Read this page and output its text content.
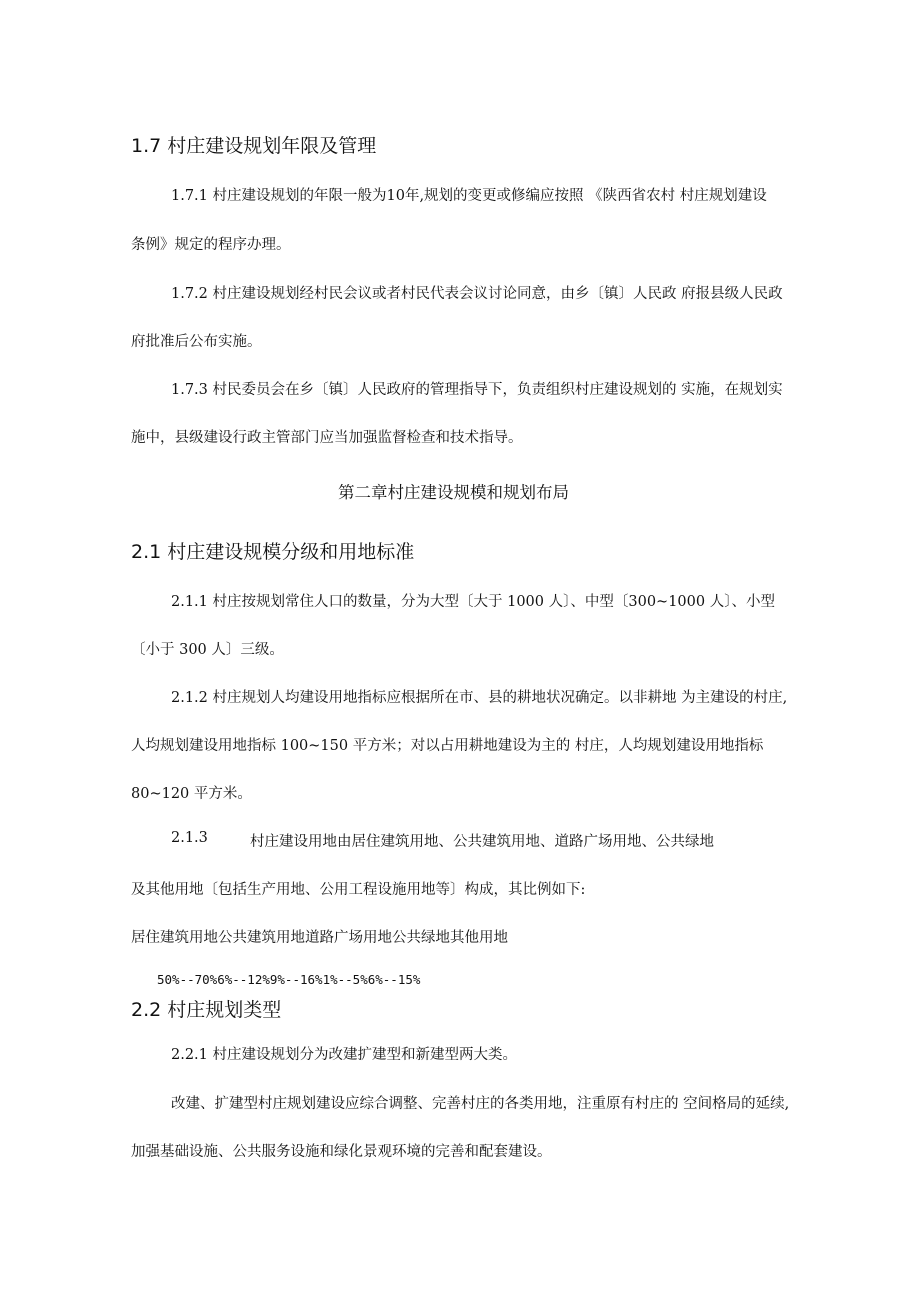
1.7 村庄建设规划年限及管理
1.7.1 村庄建设规划的年限一般为10年,规划的变更或修编应按照 《陕西省农村 村庄规划建设
条例》规定的程序办理。
1.7.2 村庄建设规划经村民会议或者村民代表会议讨论同意，由乡〔镇〕人民政 府报县级人民政
府批准后公布实施。
1.7.3 村民委员会在乡〔镇〕人民政府的管理指导下，负责组织村庄建设规划的 实施，在规划实
施中，县级建设行政主管部门应当加强监督检查和技术指导。
第二章村庄建设规模和规划布局
2.1 村庄建设规模分级和用地标准
2.1.1 村庄按规划常住人口的数量，分为大型〔大于 1000 人〕、中型〔300~1000 人〕、小型
〔小于 300 人〕三级。
2.1.2 村庄规划人均建设用地指标应根据所在市、县的耕地状况确定。以非耕地 为主建设的村庄,
人均规划建设用地指标 100~150 平方米；对以占用耕地建设为主的 村庄，人均规划建设用地指标
80~120 平方米。
2.1.3	村庄建设用地由居住建筑用地、公共建筑用地、道路广场用地、公共绿地
及其他用地〔包括生产用地、公用工程设施用地等〕构成，其比例如下:
居住建筑用地公共建筑用地道路广场用地公共绿地其他用地
50%--70%6%--12%9%--16%1%--5%6%--15%
2.2 村庄规划类型
2.2.1 村庄建设规划分为改建扩建型和新建型两大类。
改建、扩建型村庄规划建设应综合调整、完善村庄的各类用地，注重原有村庄的 空间格局的延续,
加强基础设施、公共服务设施和绿化景观环境的完善和配套建设。
